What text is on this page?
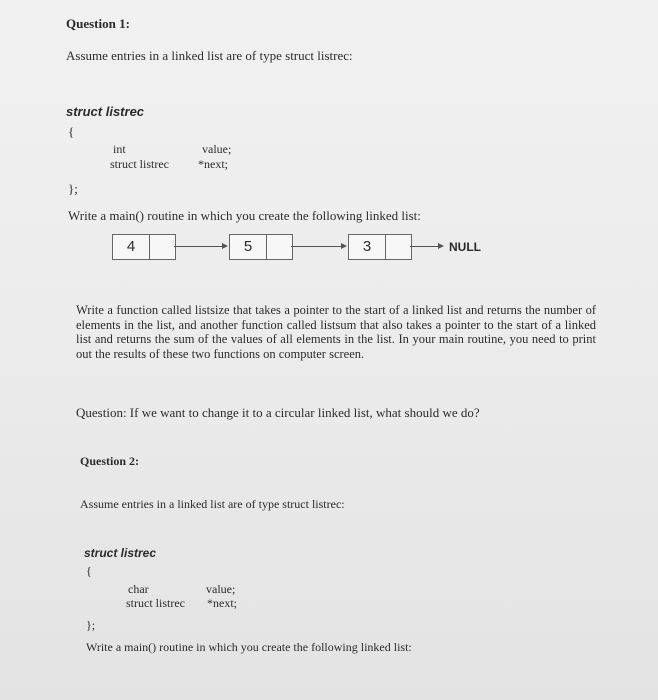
Question 1:
Assume entries in a linked list are of type struct listrec:
struct listrec
{
int	value;
struct listrec *next;
};
Write a main() routine in which you create the following linked list:
4	5	3	NULL
Write a function called listsize that takes a pointer to the start of a linked list and returns the number of elements in the list, and another function called listsum that also takes a pointer to the start of a linked list and returns the sum of the values of all elements in the list. In your main routine, you need to print out the results of these two functions on computer screen.
Question: If we want to change it to a circular linked list, what should we do?
Question 2:
Assume entries in a linked list are of type struct listrec:
struct listrec
{
char	value;
struct listrec *next;
};
Write a main() routine in which you create the following linked list:
